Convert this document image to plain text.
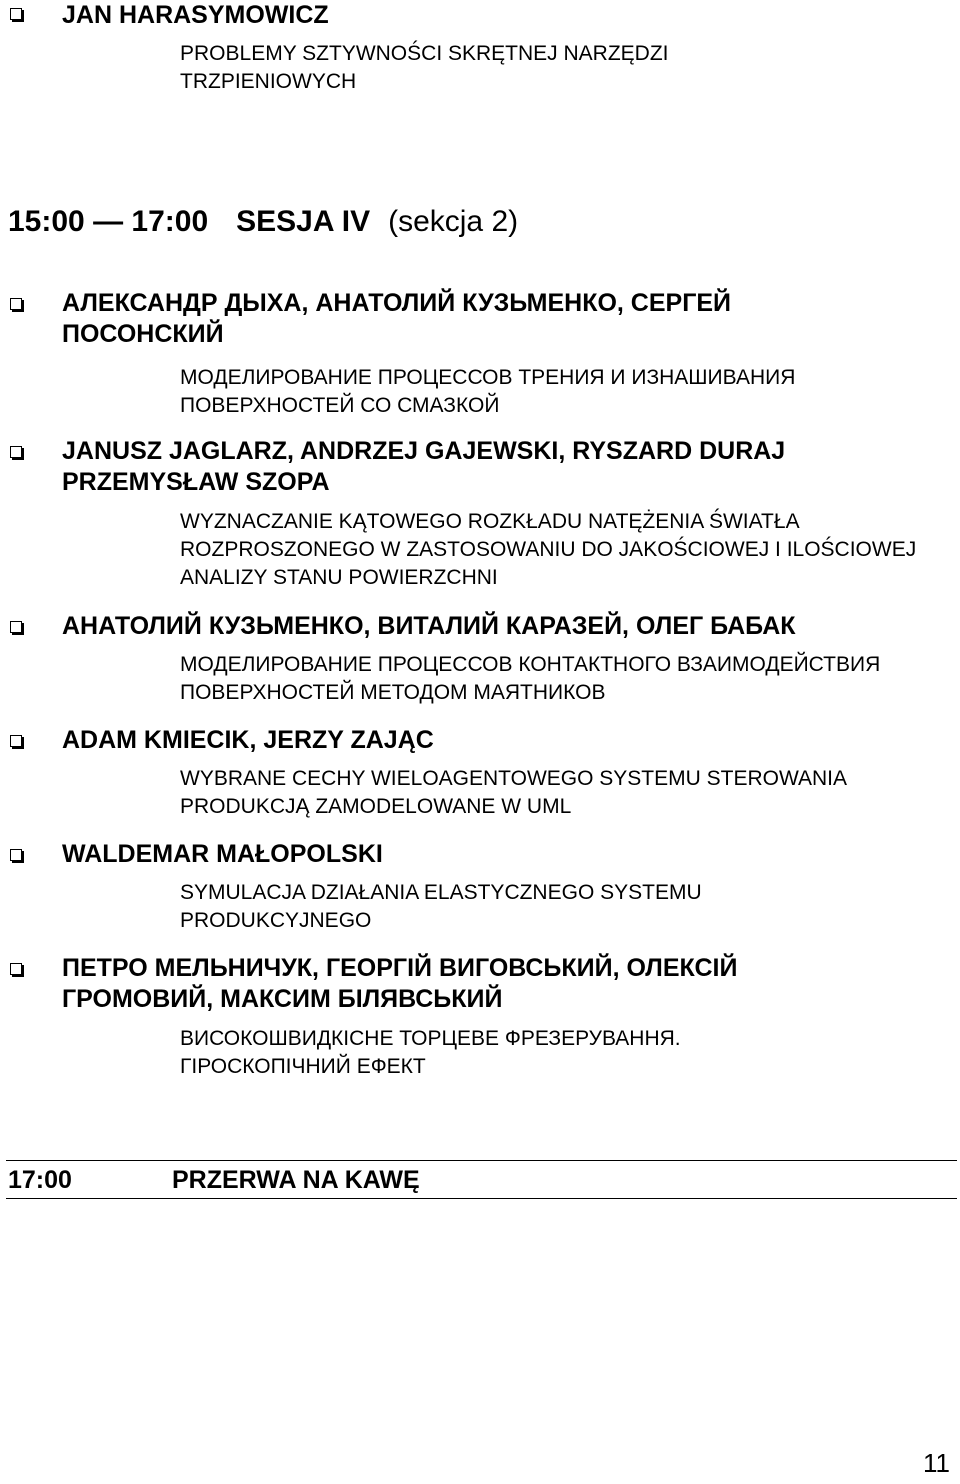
JAN HARASYMOWICZ

PROBLEMY SZTYWNOŚCI SKRĘTNEJ NARZĘDZI TRZPIENIOWYCH

15:00 — 17:00 SESJA IV (sekcja 2)

АЛЕКСАНДР ДЫХА, АНАТОЛИЙ КУЗЬМЕНКО, СЕРГЕЙ ПОСОНСКИЙ

МОДЕЛИРОВАНИЕ ПРОЦЕССОВ ТРЕНИЯ И ИЗНАШИВАНИЯ ПОВЕРХНОСТЕЙ СО СМАЗКОЙ

JANUSZ JAGLARZ, ANDRZEJ GAJEWSKI, RYSZARD DURAJ PRZEMYSŁAW SZOPA

WYZNACZANIE KĄTOWEGO ROZKŁADU NATĘŻENIA ŚWIATŁA ROZPROSZONEGO W ZASTOSOWANIU DO JAKOŚCIOWEJ I ILOŚCIOWEJ ANALIZY STANU POWIERZCHNI

АНАТОЛИЙ КУЗЬМЕНКО, ВИТАЛИЙ КАРАЗЕЙ, ОЛЕГ БАБАК

МОДЕЛИРОВАНИЕ ПРОЦЕССОВ КОНТАКТНОГО ВЗАИМОДЕЙСТВИЯ ПОВЕРХНОСТЕЙ МЕТОДОМ МАЯТНИКОВ

ADAM KMIECIK, JERZY ZAJĄC

WYBRANE CECHY WIELOAGENTOWEGO SYSTEMU STEROWANIA PRODUKCJĄ ZAMODELOWANE W UML

WALDEMAR MAŁOPOLSKI

SYMULACJA DZIAŁANIA ELASTYCZNEGO SYSTEMU PRODUKCYJNEGO

ПЕТРО МЕЛЬНИЧУК, ГЕОРГІЙ ВИГОВСЬКИЙ, ОЛЕКСІЙ ГРОМОВИЙ, МАКСИМ БІЛЯВСЬКИЙ

ВИСОКОШВИДКІСНЕ ТОРЦЕВЕ ФРЕЗЕРУВАННЯ. ГІРОСКОПІЧНИЙ ЕФЕКТ

17:00	PRZERWA NA KAWĘ
11
